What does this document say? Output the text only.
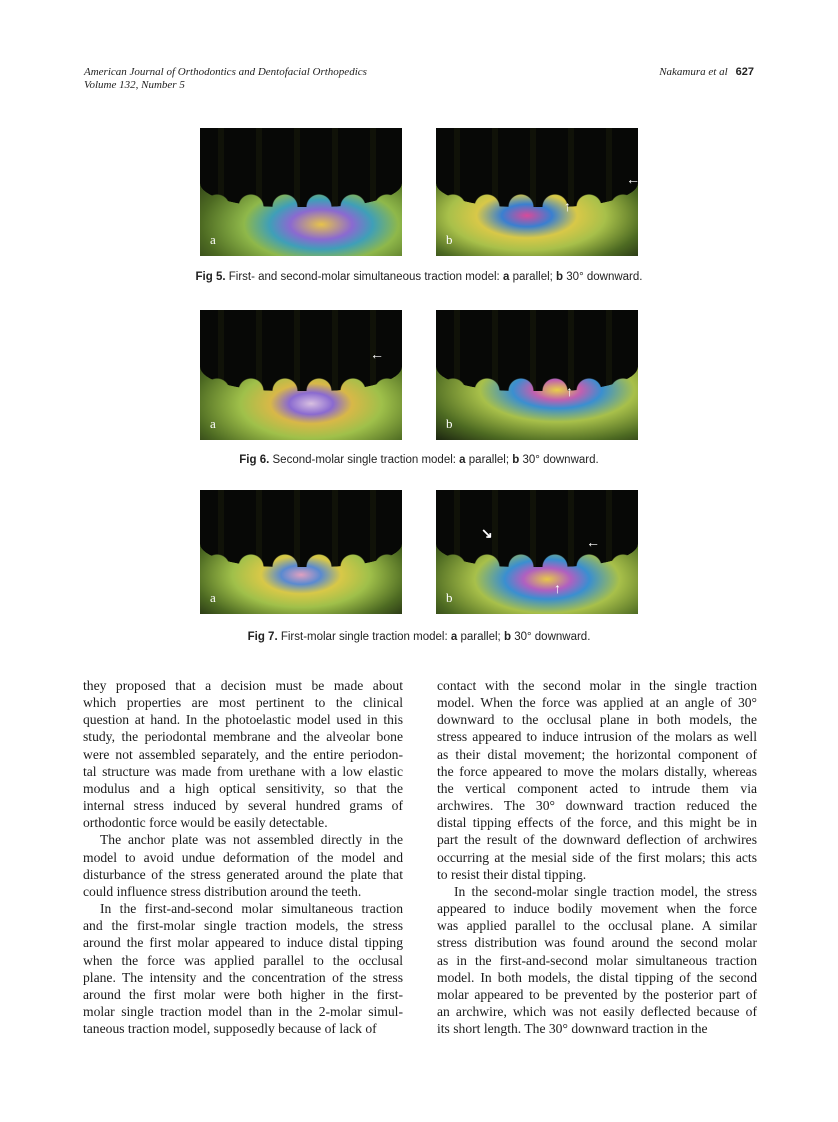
American Journal of Orthodontics and Dentofacial Orthopedics
Volume 132, Number 5
Nakamura et al 627
a
↑
←
b
Fig 5. First- and second-molar simultaneous traction model: a parallel; b 30° downward.
←
a
↑
b
Fig 6. Second-molar single traction model: a parallel; b 30° downward.
a
↘
←
↑
b
Fig 7. First-molar single traction model: a parallel; b 30° downward.
they proposed that a decision must be made about
which properties are most pertinent to the clinical
question at hand. In the photoelastic model used in this
study, the periodontal membrane and the alveolar bone
were not assembled separately, and the entire periodon-
tal structure was made from urethane with a low elastic
modulus and a high optical sensitivity, so that the
internal stress induced by several hundred grams of
orthodontic force would be easily detectable.
The anchor plate was not assembled directly in the
model to avoid undue deformation of the model and
disturbance of the stress generated around the plate that
could influence stress distribution around the teeth.
In the first-and-second molar simultaneous traction
and the first-molar single traction models, the stress
around the first molar appeared to induce distal tipping
when the force was applied parallel to the occlusal
plane. The intensity and the concentration of the stress
around the first molar were both higher in the first-
molar single traction model than in the 2-molar simul-
taneous traction model, supposedly because of lack of
contact with the second molar in the single traction
model. When the force was applied at an angle of 30°
downward to the occlusal plane in both models, the
stress appeared to induce intrusion of the molars as well
as their distal movement; the horizontal component of
the force appeared to move the molars distally, whereas
the vertical component acted to intrude them via
archwires. The 30° downward traction reduced the
distal tipping effects of the force, and this might be in
part the result of the downward deflection of archwires
occurring at the mesial side of the first molars; this acts
to resist their distal tipping.
In the second-molar single traction model, the stress
appeared to induce bodily movement when the force
was applied parallel to the occlusal plane. A similar
stress distribution was found around the second molar
as in the first-and-second molar simultaneous traction
model. In both models, the distal tipping of the second
molar appeared to be prevented by the posterior part of
an archwire, which was not easily deflected because of
its short length. The 30° downward traction in the
